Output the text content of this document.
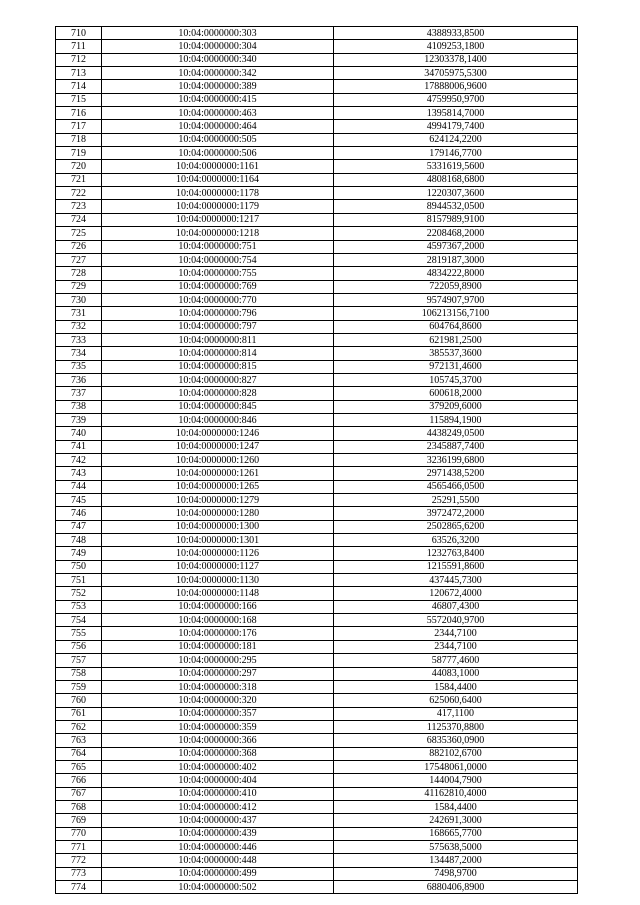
710	10:04:0000000:303	4388933,8500
711	10:04:0000000:304	4109253,1800
712	10:04:0000000:340	12303378,1400
713	10:04:0000000:342	34705975,5300
714	10:04:0000000:389	17888006,9600
715	10:04:0000000:415	4759950,9700
716	10:04:0000000:463	1395814,7000
717	10:04:0000000:464	4994179,7400
718	10:04:0000000:505	624124,2200
719	10:04:0000000:506	179146,7700
720	10:04:0000000:1161	5331619,5600
721	10:04:0000000:1164	4808168,6800
722	10:04:0000000:1178	1220307,3600
723	10:04:0000000:1179	8944532,0500
724	10:04:0000000:1217	8157989,9100
725	10:04:0000000:1218	2208468,2000
726	10:04:0000000:751	4597367,2000
727	10:04:0000000:754	2819187,3000
728	10:04:0000000:755	4834222,8000
729	10:04:0000000:769	722059,8900
730	10:04:0000000:770	9574907,9700
731	10:04:0000000:796	106213156,7100
732	10:04:0000000:797	604764,8600
733	10:04:0000000:811	621981,2500
734	10:04:0000000:814	385537,3600
735	10:04:0000000:815	972131,4600
736	10:04:0000000:827	105745,3700
737	10:04:0000000:828	600618,2000
738	10:04:0000000:845	379209,6000
739	10:04:0000000:846	115894,1900
740	10:04:0000000:1246	4438249,0500
741	10:04:0000000:1247	2345887,7400
742	10:04:0000000:1260	3236199,6800
743	10:04:0000000:1261	2971438,5200
744	10:04:0000000:1265	4565466,0500
745	10:04:0000000:1279	25291,5500
746	10:04:0000000:1280	3972472,2000
747	10:04:0000000:1300	2502865,6200
748	10:04:0000000:1301	63526,3200
749	10:04:0000000:1126	1232763,8400
750	10:04:0000000:1127	1215591,8600
751	10:04:0000000:1130	437445,7300
752	10:04:0000000:1148	120672,4000
753	10:04:0000000:166	46807,4300
754	10:04:0000000:168	5572040,9700
755	10:04:0000000:176	2344,7100
756	10:04:0000000:181	2344,7100
757	10:04:0000000:295	58777,4600
758	10:04:0000000:297	44083,1000
759	10:04:0000000:318	1584,4400
760	10:04:0000000:320	625060,6400
761	10:04:0000000:357	417,1100
762	10:04:0000000:359	1125370,8800
763	10:04:0000000:366	6835360,0900
764	10:04:0000000:368	882102,6700
765	10:04:0000000:402	17548061,0000
766	10:04:0000000:404	144004,7900
767	10:04:0000000:410	41162810,4000
768	10:04:0000000:412	1584,4400
769	10:04:0000000:437	242691,3000
770	10:04:0000000:439	168665,7700
771	10:04:0000000:446	575638,5000
772	10:04:0000000:448	134487,2000
773	10:04:0000000:499	7498,9700
774	10:04:0000000:502	6880406,8900
